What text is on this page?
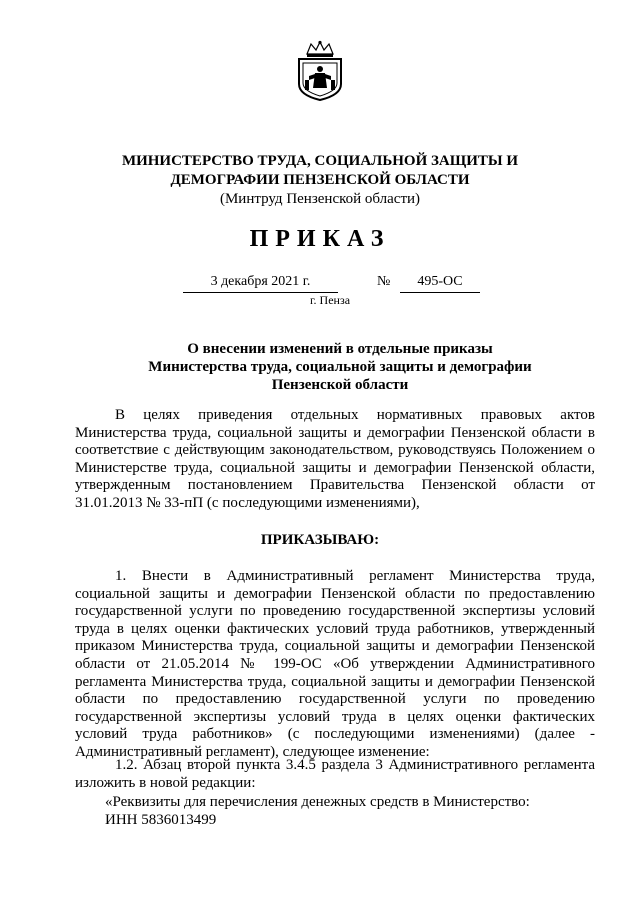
МИНИСТЕРСТВО ТРУДА, СОЦИАЛЬНОЙ ЗАЩИТЫ И
ДЕМОГРАФИИ ПЕНЗЕНСКОЙ ОБЛАСТИ
(Минтруд Пензенской области)
ПРИКАЗ
3 декабря 2021 г.	№	495-ОС
г. Пенза
О внесении изменений в отдельные приказы
Министерства труда, социальной защиты и демографии
Пензенской области
В целях приведения отдельных нормативных правовых актов Министерства труда, социальной защиты и демографии Пензенской области в соответствие с действующим законодательством, руководствуясь Положением о Министерстве труда, социальной защиты и демографии Пензенской области, утвержденным постановлением Правительства Пензенской области от 31.01.2013 № 33-пП (с последующими изменениями),
ПРИКАЗЫВАЮ:
1. Внести в Административный регламент Министерства труда, социальной защиты и демографии Пензенской области по предоставлению государственной услуги по проведению государственной экспертизы условий труда в целях оценки фактических условий труда работников, утвержденный приказом Министерства труда, социальной защиты и демографии Пензенской области от 21.05.2014 № 199-ОС «Об утверждении Административного регламента Министерства труда, социальной защиты и демографии Пензенской области по предоставлению государственной услуги по проведению государственной экспертизы условий труда в целях оценки фактических условий труда работников» (с последующими изменениями) (далее - Административный регламент), следующее изменение:
1.2. Абзац второй пункта 3.4.5 раздела 3 Административного регламента изложить в новой редакции:
«Реквизиты для перечисления денежных средств в Министерство:
ИНН 5836013499
